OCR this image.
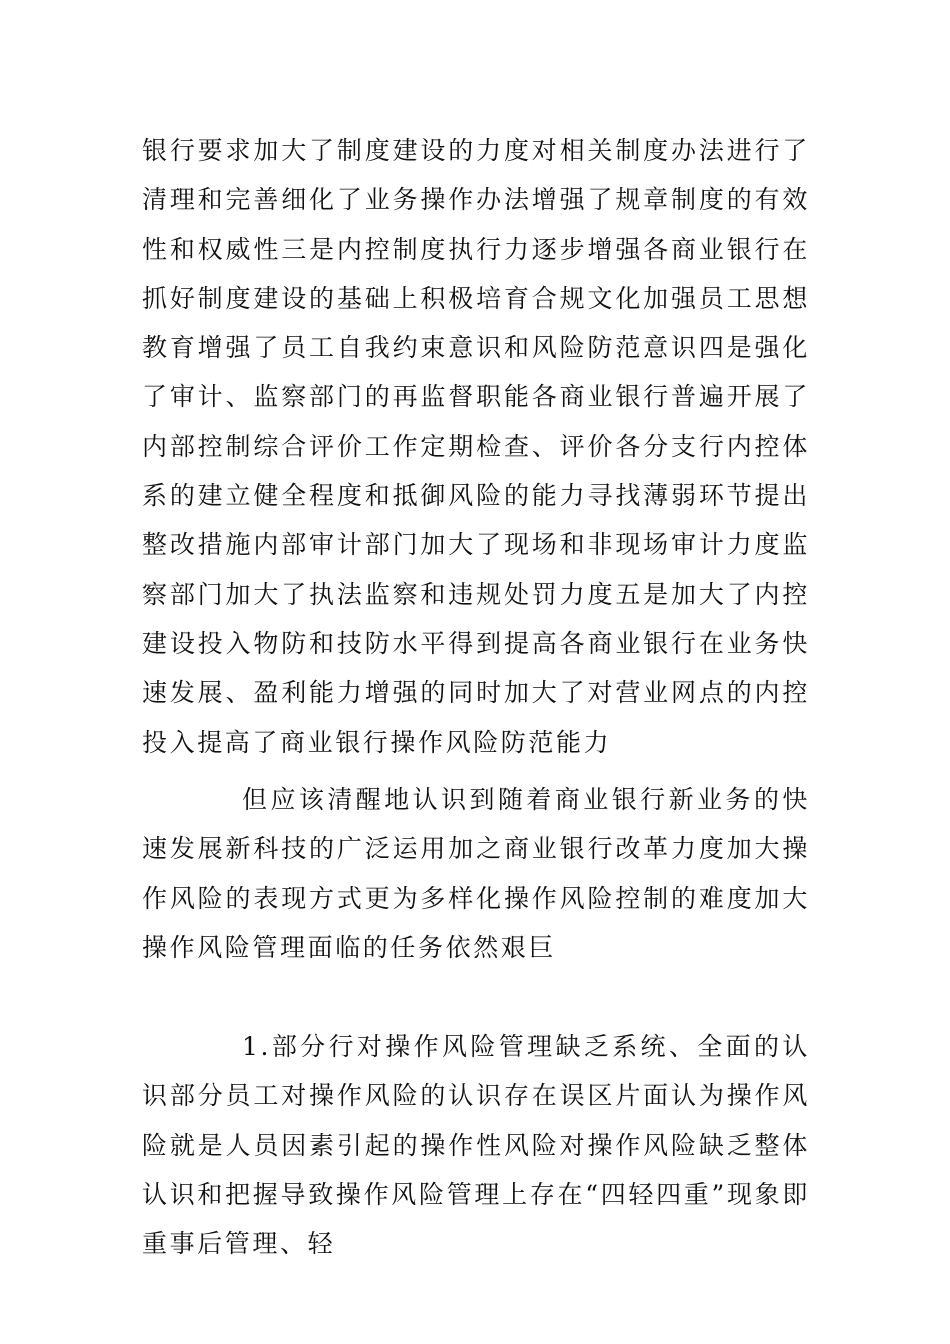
银行要求加大了制度建设的力度对相关制度办法进行了清理和完善细化了业务操作办法增强了规章制度的有效性和权威性三是内控制度执行力逐步增强各商业银行在抓好制度建设的基础上积极培育合规文化加强员工思想教育增强了员工自我约束意识和风险防范意识四是强化了审计、监察部门的再监督职能各商业银行普遍开展了内部控制综合评价工作定期检查、评价各分支行内控体系的建立健全程度和抵御风险的能力寻找薄弱环节提出整改措施内部审计部门加大了现场和非现场审计力度监察部门加大了执法监察和违规处罚力度五是加大了内控建设投入物防和技防水平得到提高各商业银行在业务快速发展、盈利能力增强的同时加大了对营业网点的内控投入提高了商业银行操作风险防范能力

但应该清醒地认识到随着商业银行新业务的快速发展新科技的广泛运用加之商业银行改革力度加大操作风险的表现方式更为多样化操作风险控制的难度加大操作风险管理面临的任务依然艰巨

1.部分行对操作风险管理缺乏系统、全面的认识部分员工对操作风险的认识存在误区片面认为操作风险就是人员因素引起的操作性风险对操作风险缺乏整体认识和把握导致操作风险管理上存在“四轻四重”现象即重事后管理、轻
